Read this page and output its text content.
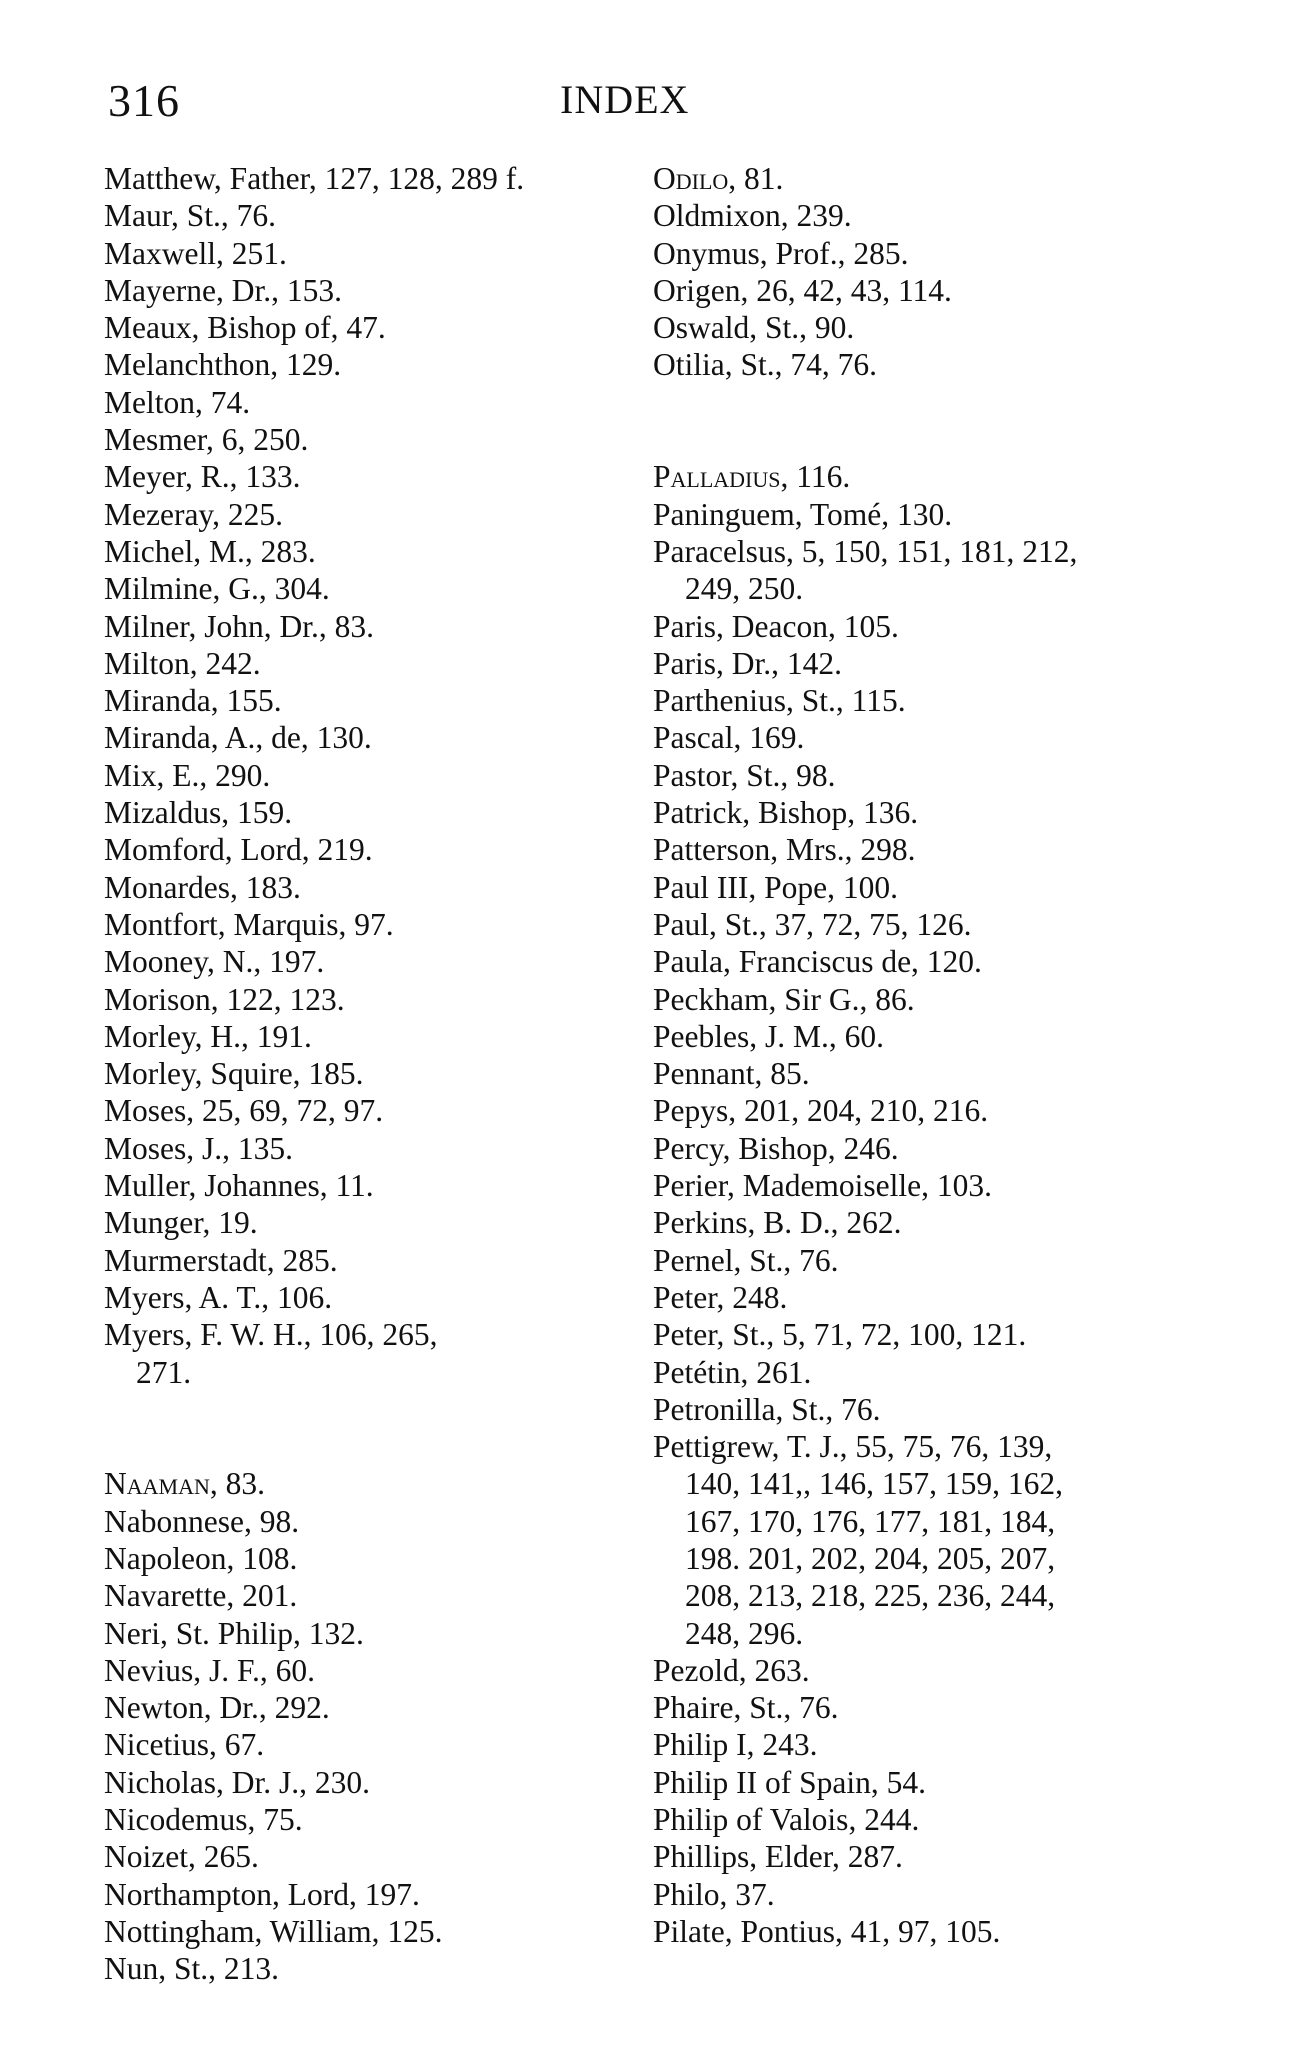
316	INDEX
Matthew, Father, 127, 128, 289 f.
Maur, St., 76.
Maxwell, 251.
Mayerne, Dr., 153.
Meaux, Bishop of, 47.
Melanchthon, 129.
Melton, 74.
Mesmer, 6, 250.
Meyer, R., 133.
Mezeray, 225.
Michel, M., 283.
Milmine, G., 304.
Milner, John, Dr., 83.
Milton, 242.
Miranda, 155.
Miranda, A., de, 130.
Mix, E., 290.
Mizaldus, 159.
Momford, Lord, 219.
Monardes, 183.
Montfort, Marquis, 97.
Mooney, N., 197.
Morison, 122, 123.
Morley, H., 191.
Morley, Squire, 185.
Moses, 25, 69, 72, 97.
Moses, J., 135.
Muller, Johannes, 11.
Munger, 19.
Murmerstadt, 285.
Myers, A. T., 106.
Myers, F. W. H., 106, 265,
271.
Naaman, 83.
Nabonnese, 98.
Napoleon, 108.
Navarette, 201.
Neri, St. Philip, 132.
Nevius, J. F., 60.
Newton, Dr., 292.
Nicetius, 67.
Nicholas, Dr. J., 230.
Nicodemus, 75.
Noizet, 265.
Northampton, Lord, 197.
Nottingham, William, 125.
Nun, St., 213.
Odilo, 81.
Oldmixon, 239.
Onymus, Prof., 285.
Origen, 26, 42, 43, 114.
Oswald, St., 90.
Otilia, St., 74, 76.
Palladius, 116.
Paninguem, Tomé, 130.
Paracelsus, 5, 150, 151, 181, 212,
249, 250.
Paris, Deacon, 105.
Paris, Dr., 142.
Parthenius, St., 115.
Pascal, 169.
Pastor, St., 98.
Patrick, Bishop, 136.
Patterson, Mrs., 298.
Paul III, Pope, 100.
Paul, St., 37, 72, 75, 126.
Paula, Franciscus de, 120.
Peckham, Sir G., 86.
Peebles, J. M., 60.
Pennant, 85.
Pepys, 201, 204, 210, 216.
Percy, Bishop, 246.
Perier, Mademoiselle, 103.
Perkins, B. D., 262.
Pernel, St., 76.
Peter, 248.
Peter, St., 5, 71, 72, 100, 121.
Petétin, 261.
Petronilla, St., 76.
Pettigrew, T. J., 55, 75, 76, 139,
140, 141,, 146, 157, 159, 162,
167, 170, 176, 177, 181, 184,
198. 201, 202, 204, 205, 207,
208, 213, 218, 225, 236, 244,
248, 296.
Pezold, 263.
Phaire, St., 76.
Philip I, 243.
Philip II of Spain, 54.
Philip of Valois, 244.
Phillips, Elder, 287.
Philo, 37.
Pilate, Pontius, 41, 97, 105.
